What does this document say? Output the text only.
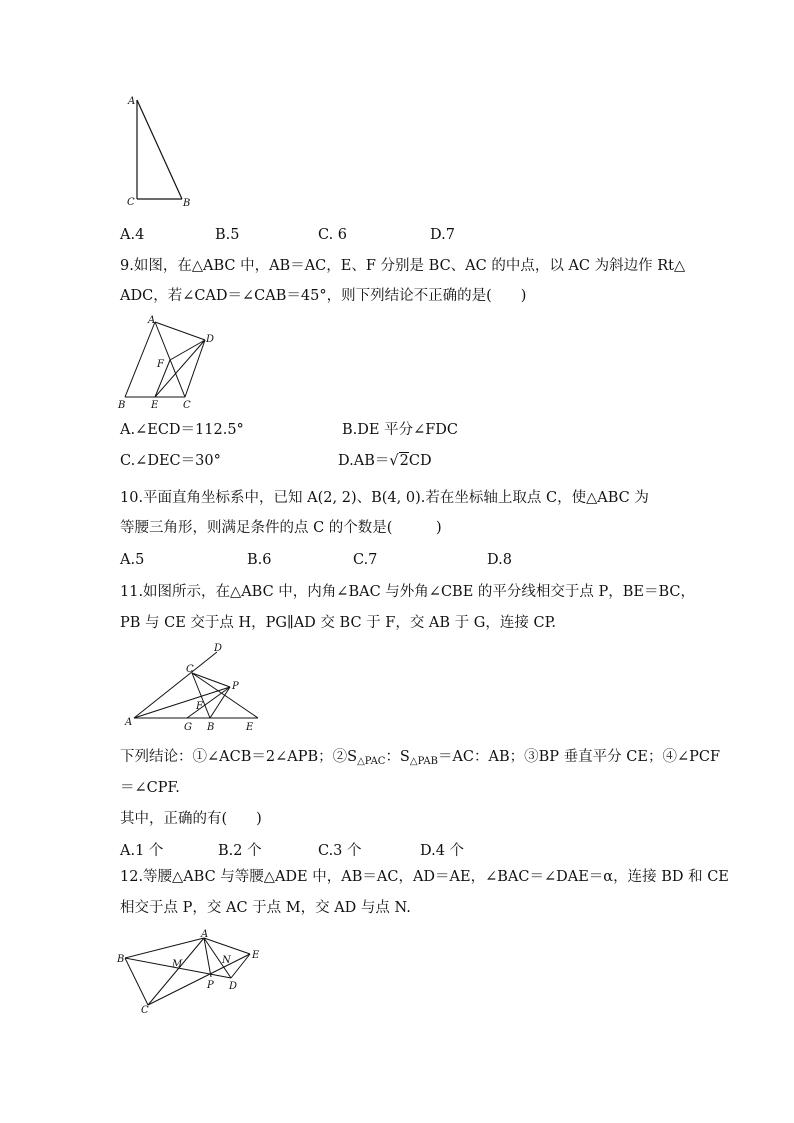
A
C	B
A.4	B.5	C. 6	D.7
9.如图，在△ABC 中，AB＝AC，E、F 分别是 BC、AC 的中点，以 AC 为斜边作 Rt△
ADC，若∠CAD＝∠CAB＝45°，则下列结论不正确的是(　　)
A
D
F
B	E C
A.∠ECD＝112.5°	B.DE 平分∠FDC
C.∠DEC＝30°	D.AB＝√2CD
10.平面直角坐标系中，已知 A(2, 2)、B(4, 0).若在坐标轴上取点 C，使△ABC 为
等腰三角形，则满足条件的点 C 的个数是(　　　)
A.5	B.6	C.7	D.8
11.如图所示，在△ABC 中，内角∠BAC 与外角∠CBE 的平分线相交于点 P，BE＝BC，
PB 与 CE 交于点 H，PG∥AD 交 BC 于 F，交 AB 于 G，连接 CP.
D
C
P
F
A	G B	E
下列结论：①∠ACB＝2∠APB；$②S_{\triangle PAC}$：$S_{\triangle PAB}=AC$：AB；③BP 垂直平分 CE；④∠PCF
＝∠CPF.
其中，正确的有(　　)
A.1 个	B.2 个	C.3 个	D.4 个
12.等腰△ABC 与等腰△ADE 中，AB＝AC，AD＝AE，∠BAC＝∠DAE＝α，连接 BD 和 CE
相交于点 P，交 AC 于点 M，交 AD 与点 N.
A
B	M	N E
P D
C
